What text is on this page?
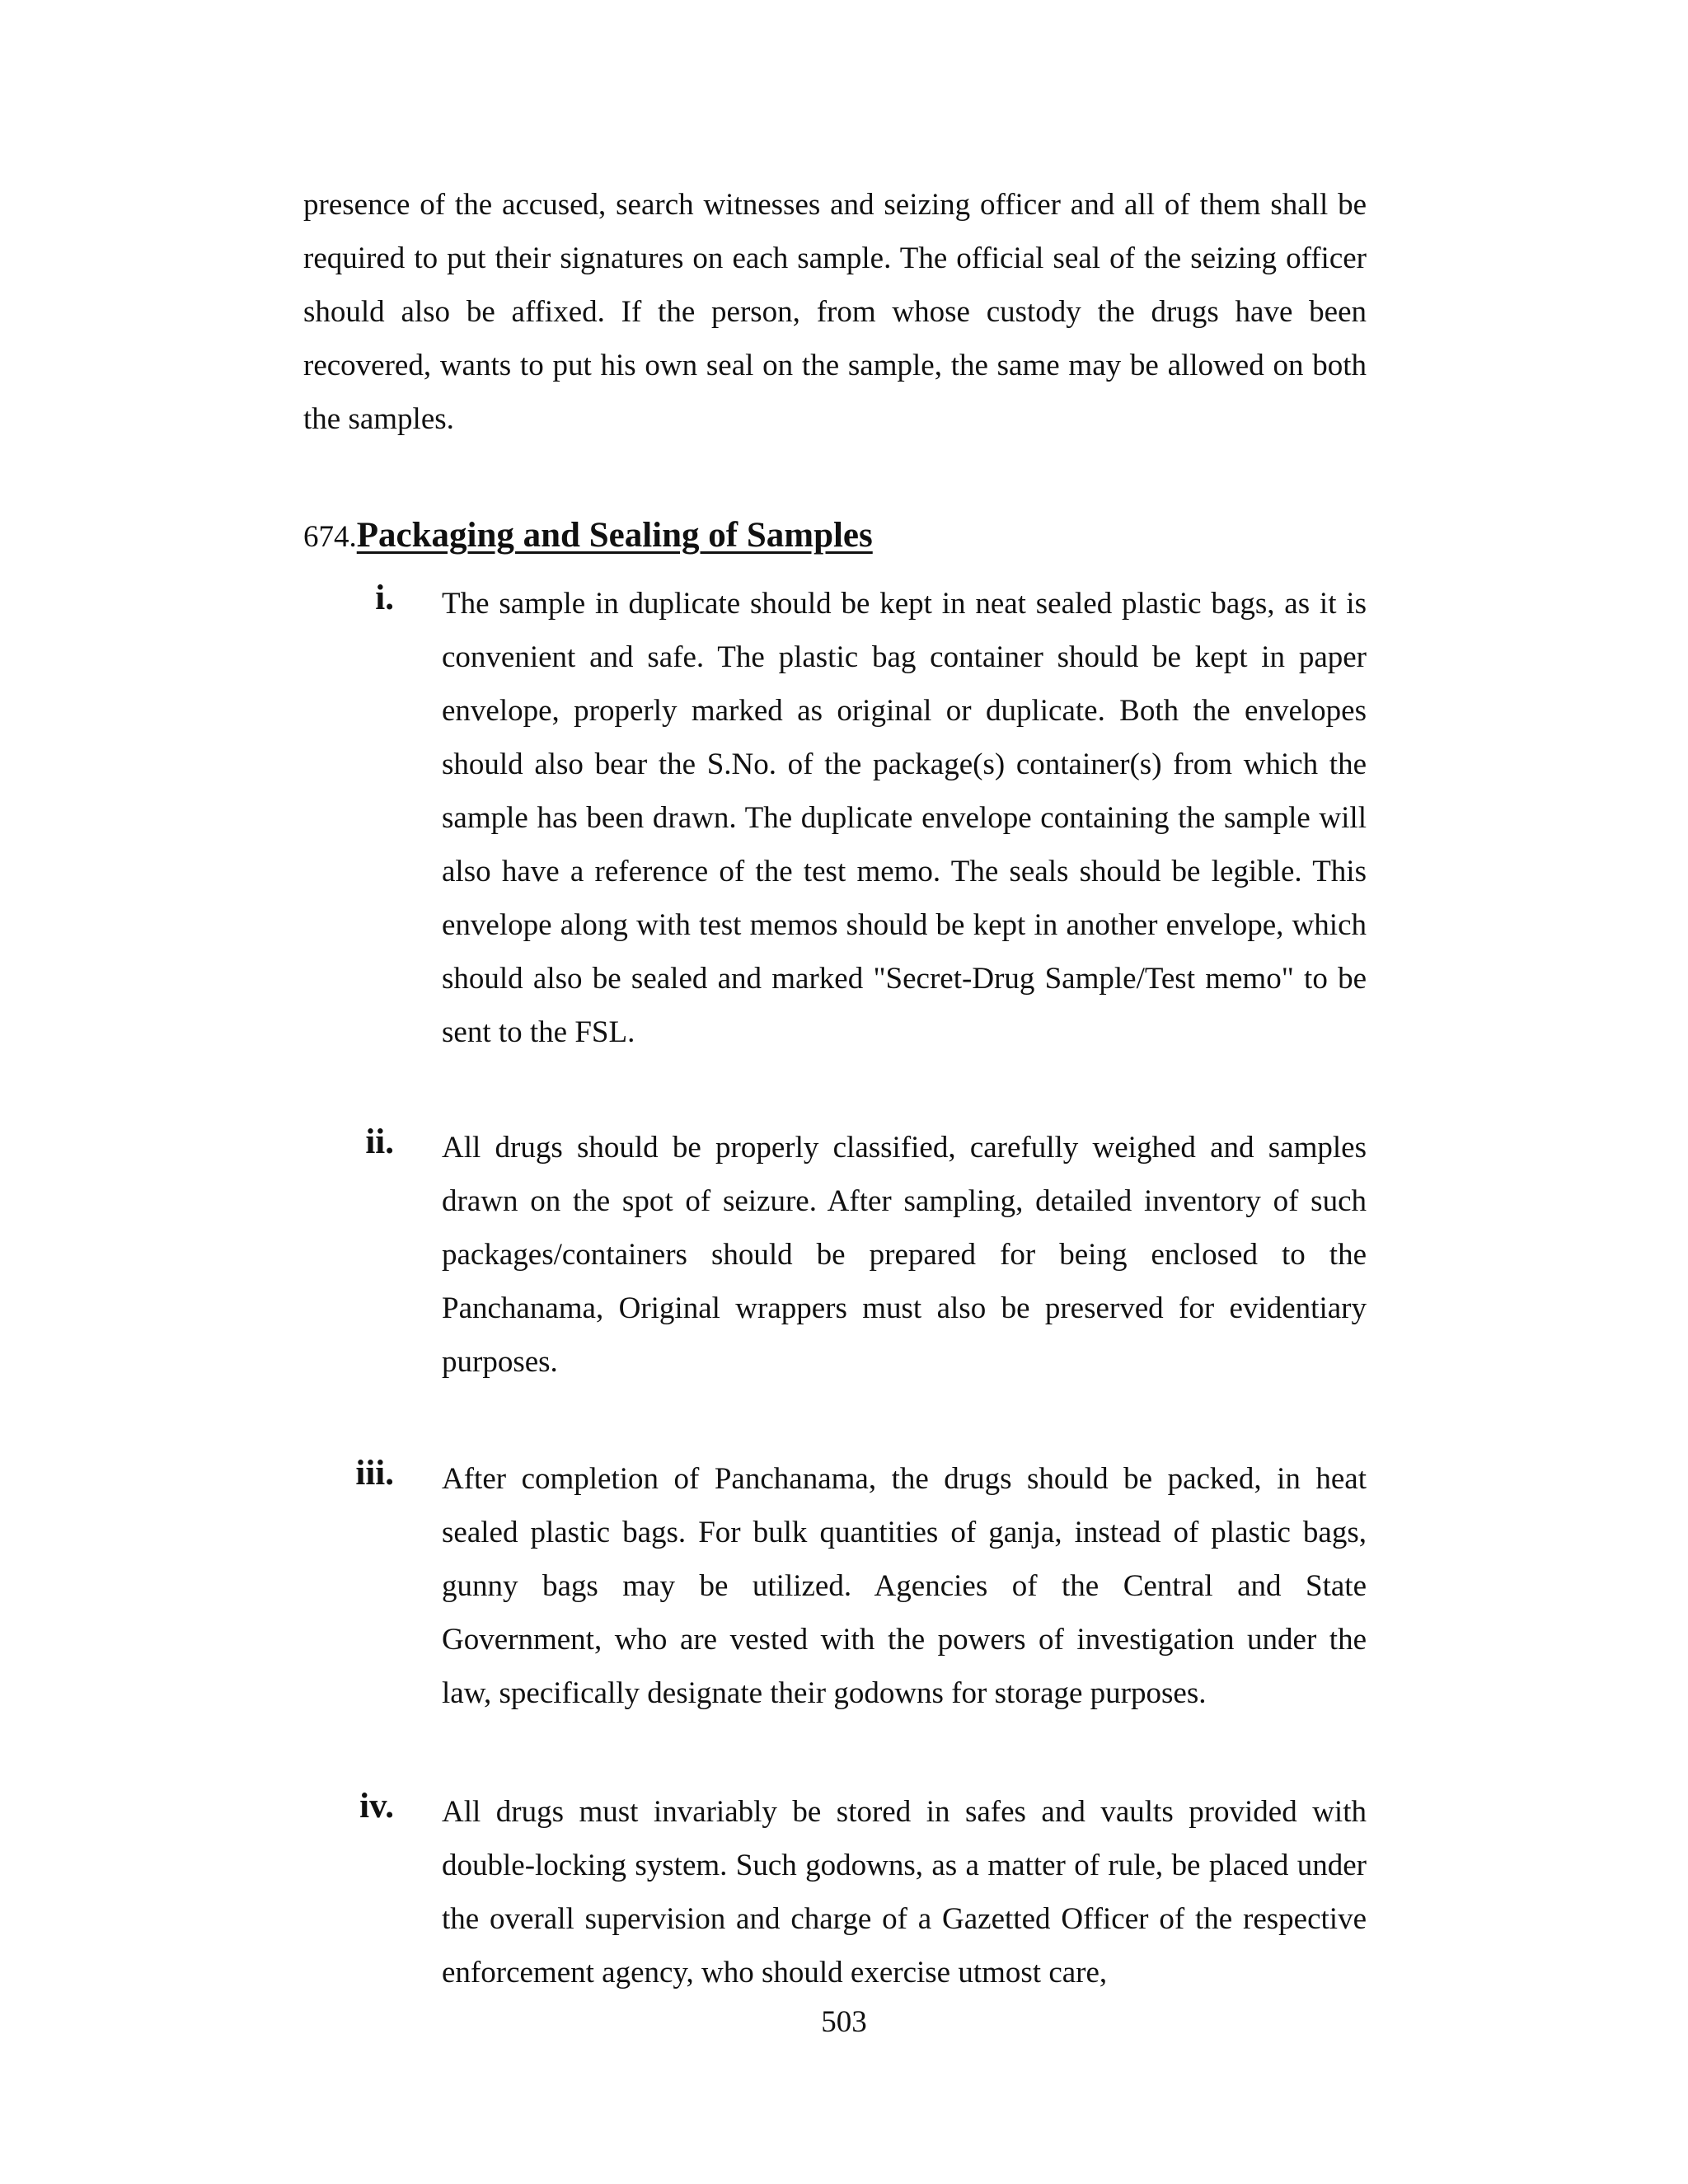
presence of the accused, search witnesses and seizing officer and all of them shall be required to put their signatures on each sample. The official seal of the seizing officer should also be affixed. If the person, from whose custody the drugs have been recovered, wants to put his own seal on the sample, the same may be allowed on both the samples.

674.Packaging and Sealing of Samples
i. The sample in duplicate should be kept in neat sealed plastic bags, as it is convenient and safe. The plastic bag container should be kept in paper envelope, properly marked as original or duplicate. Both the envelopes should also bear the S.No. of the package(s) container(s) from which the sample has been drawn. The duplicate envelope containing the sample will also have a reference of the test memo. The seals should be legible. This envelope along with test memos should be kept in another envelope, which should also be sealed and marked "Secret-Drug Sample/Test memo" to be sent to the FSL.

ii. All drugs should be properly classified, carefully weighed and samples drawn on the spot of seizure. After sampling, detailed inventory of such packages/containers should be prepared for being enclosed to the Panchanama, Original wrappers must also be preserved for evidentiary purposes.

iii. After completion of Panchanama, the drugs should be packed, in heat sealed plastic bags. For bulk quantities of ganja, instead of plastic bags, gunny bags may be utilized. Agencies of the Central and State Government, who are vested with the powers of investigation under the law, specifically designate their godowns for storage purposes.

iv. All drugs must invariably be stored in safes and vaults provided with double-locking system. Such godowns, as a matter of rule, be placed under the overall supervision and charge of a Gazetted Officer of the respective enforcement agency, who should exercise utmost care,

503
